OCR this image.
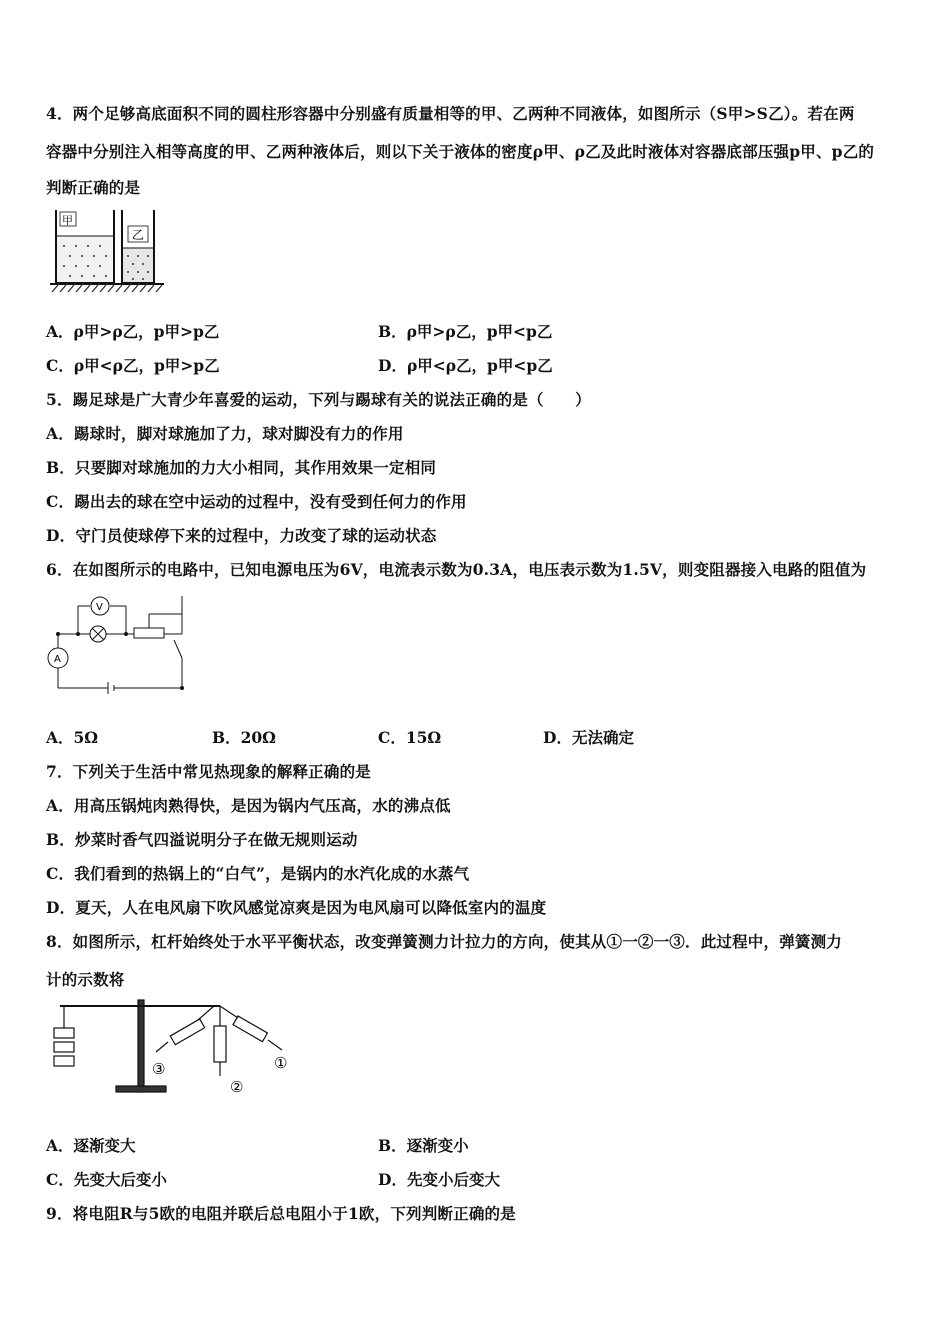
4．两个足够高底面积不同的圆柱形容器中分别盛有质量相等的甲、乙两种不同液体，如图所示（S甲>S乙）。若在两
容器中分别注入相等高度的甲、乙两种液体后，则以下关于液体的密度ρ甲、ρ乙及此时液体对容器底部压强p甲、p乙的
判断正确的是
甲
乙
A．ρ甲>ρ乙，p甲>p乙	B．ρ甲>ρ乙，p甲<p乙
C．ρ甲<ρ乙，p甲>p乙	D．ρ甲<ρ乙，p甲<p乙
5．踢足球是广大青少年喜爱的运动，下列与踢球有关的说法正确的是（　　）
A．踢球时，脚对球施加了力，球对脚没有力的作用
B．只要脚对球施加的力大小相同，其作用效果一定相同
C．踢出去的球在空中运动的过程中，没有受到任何力的作用
D．守门员使球停下来的过程中，力改变了球的运动状态
6．在如图所示的电路中，已知电源电压为6V，电流表示数为0.3A，电压表示数为1.5V，则变阻器接入电路的阻值为
V
A
A．5Ω	B．20Ω	C．15Ω	D．无法确定
7．下列关于生活中常见热现象的解释正确的是
A．用高压锅炖肉熟得快，是因为锅内气压高，水的沸点低
B．炒菜时香气四溢说明分子在做无规则运动
C．我们看到的热锅上的“白气”，是锅内的水汽化成的水蒸气
D．夏天，人在电风扇下吹风感觉凉爽是因为电风扇可以降低室内的温度
8．如图所示，杠杆始终处于水平平衡状态，改变弹簧测力计拉力的方向，使其从①一②一③．此过程中，弹簧测力
计的示数将
①
②
③
A．逐渐变大	B．逐渐变小
C．先变大后变小	D．先变小后变大
9．将电阻R与5欧的电阻并联后总电阻小于1欧，下列判断正确的是
